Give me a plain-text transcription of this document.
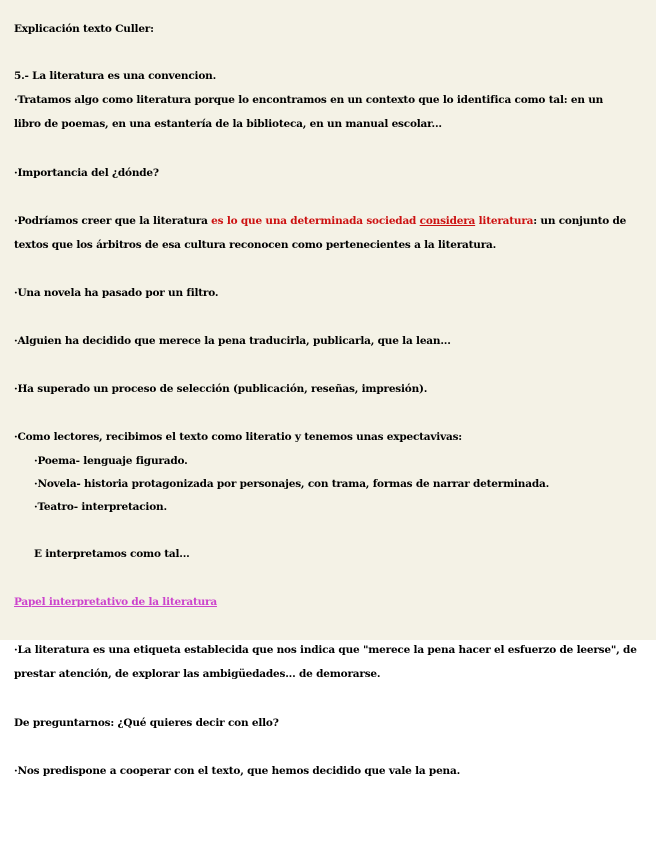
Explicación texto Culler:
5.- La literatura es una convencion.
·Tratamos algo como literatura porque lo encontramos en un contexto que lo identifica como tal: en un
libro de poemas, en una estantería de la biblioteca, en un manual escolar...
·Importancia del ¿dónde?
·Podríamos creer que la literatura es lo que una determinada sociedad considera literatura: un conjunto de
textos que los árbitros de esa cultura reconocen como pertenecientes a la literatura.
·Una novela ha pasado por un filtro.
·Alguien ha decidido que merece la pena traducirla, publicarla, que la lean...
·Ha superado un proceso de selección (publicación, reseñas, impresión).
·Como lectores, recibimos el texto como literatio y tenemos unas expectavivas:
·Poema- lenguaje figurado.
·Novela- historia protagonizada por personajes, con trama, formas de narrar determinada.
·Teatro- interpretacion.
E interpretamos como tal...
Papel interpretativo de la literatura
·La literatura es una etiqueta establecida que nos indica que "merece la pena hacer el esfuerzo de leerse", de
prestar atención, de explorar las ambigüedades... de demorarse.
De preguntarnos: ¿Qué quieres decir con ello?
·Nos predispone a cooperar con el texto, que hemos decidido que vale la pena.
